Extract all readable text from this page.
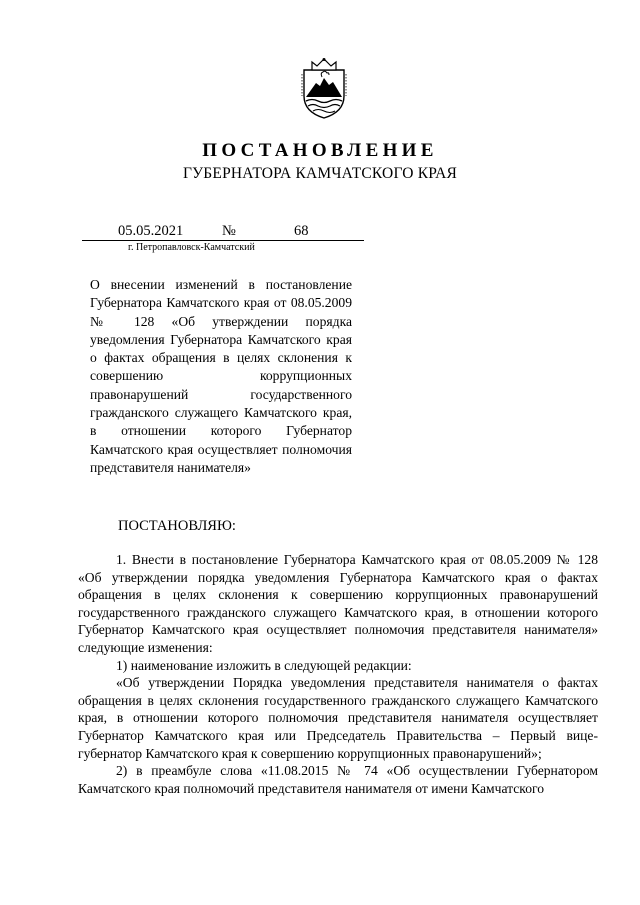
ПОСТАНОВЛЕНИЕ
ГУБЕРНАТОРА КАМЧАТСКОГО КРАЯ
05.05.2021	№	68
г. Петропавловск-Камчатский
О внесении изменений в постановление Губернатора Камчатского края от 08.05.2009 № 128 «Об утверждении порядка уведомления Губернатора Камчатского края о фактах обращения в целях склонения к совершению коррупционных правонарушений государственного гражданского служащего Камчатского края, в отношении которого Губернатор Камчатского края осуществляет полномочия представителя нанимателя»
ПОСТАНОВЛЯЮ:

1. Внести в постановление Губернатора Камчатского края от 08.05.2009 № 128 «Об утверждении порядка уведомления Губернатора Камчатского края о фактах обращения в целях склонения к совершению коррупционных правонарушений государственного гражданского служащего Камчатского края, в отношении которого Губернатор Камчатского края осуществляет полномочия представителя нанимателя» следующие изменения:

1) наименование изложить в следующей редакции:

«Об утверждении Порядка уведомления представителя нанимателя о фактах обращения в целях склонения государственного гражданского служащего Камчатского края, в отношении которого полномочия представителя нанимателя осуществляет Губернатор Камчатского края или Председатель Правительства – Первый вице-губернатор Камчатского края к совершению коррупционных правонарушений»;

2) в преамбуле слова «11.08.2015 № 74 «Об осуществлении Губернатором Камчатского края полномочий представителя нанимателя от имени Камчатского
